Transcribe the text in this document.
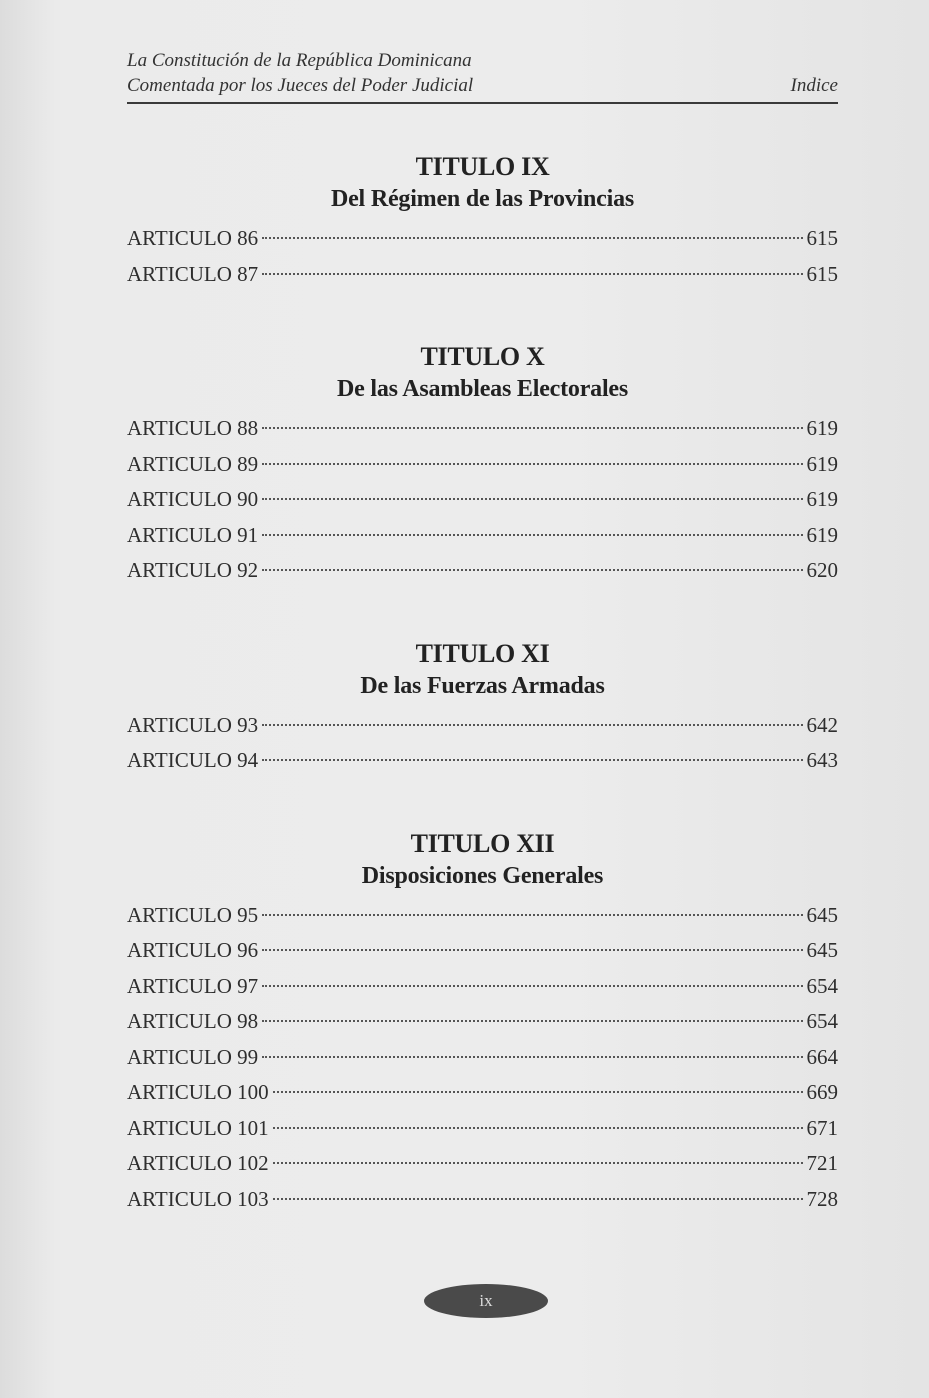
La Constitución de la República Dominicana
Comentada por los Jueces del Poder Judicial	Indice
TITULO IX
Del Régimen de las Provincias
ARTICULO 86	615
ARTICULO 87	615
TITULO X
De las Asambleas Electorales
ARTICULO 88	619
ARTICULO 89	619
ARTICULO 90	619
ARTICULO 91	619
ARTICULO 92	620
TITULO XI
De las Fuerzas Armadas
ARTICULO 93	642
ARTICULO 94	643
TITULO XII
Disposiciones Generales
ARTICULO 95	645
ARTICULO 96	645
ARTICULO 97	654
ARTICULO 98	654
ARTICULO 99	664
ARTICULO 100	669
ARTICULO 101	671
ARTICULO 102	721
ARTICULO 103	728
ix
